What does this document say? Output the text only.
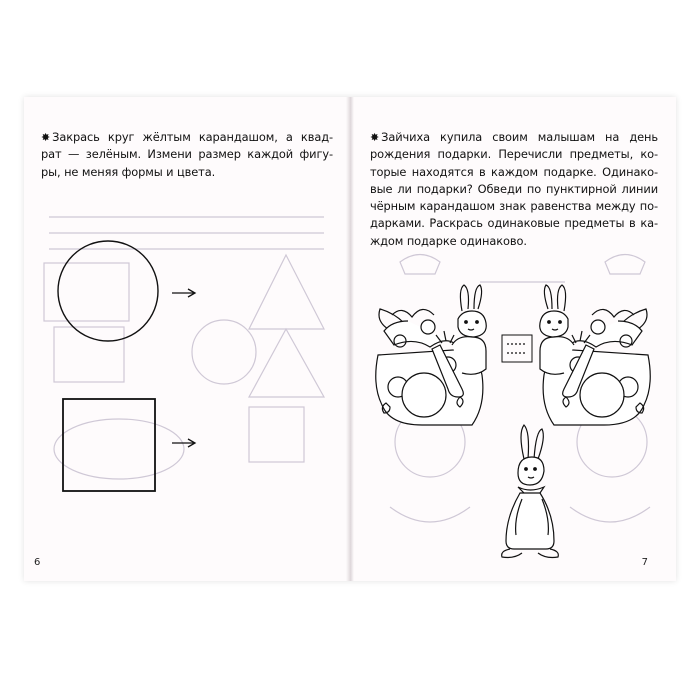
✸ Закрась круг жёлтым карандашом, а квад-
рат — зелёным. Измени размер каждой фигу-
ры, не меняя формы и цвета.
6
✸ Зайчиха купила своим малышам на день
рождения подарки. Перечисли предметы, ко-
торые находятся в каждом подарке. Одинако-
вые ли подарки? Обведи по пунктирной линии
чёрным карандашом знак равенства между по-
дарками. Раскрась одинаковые предметы в ка-
ждом подарке одинаково.
7
